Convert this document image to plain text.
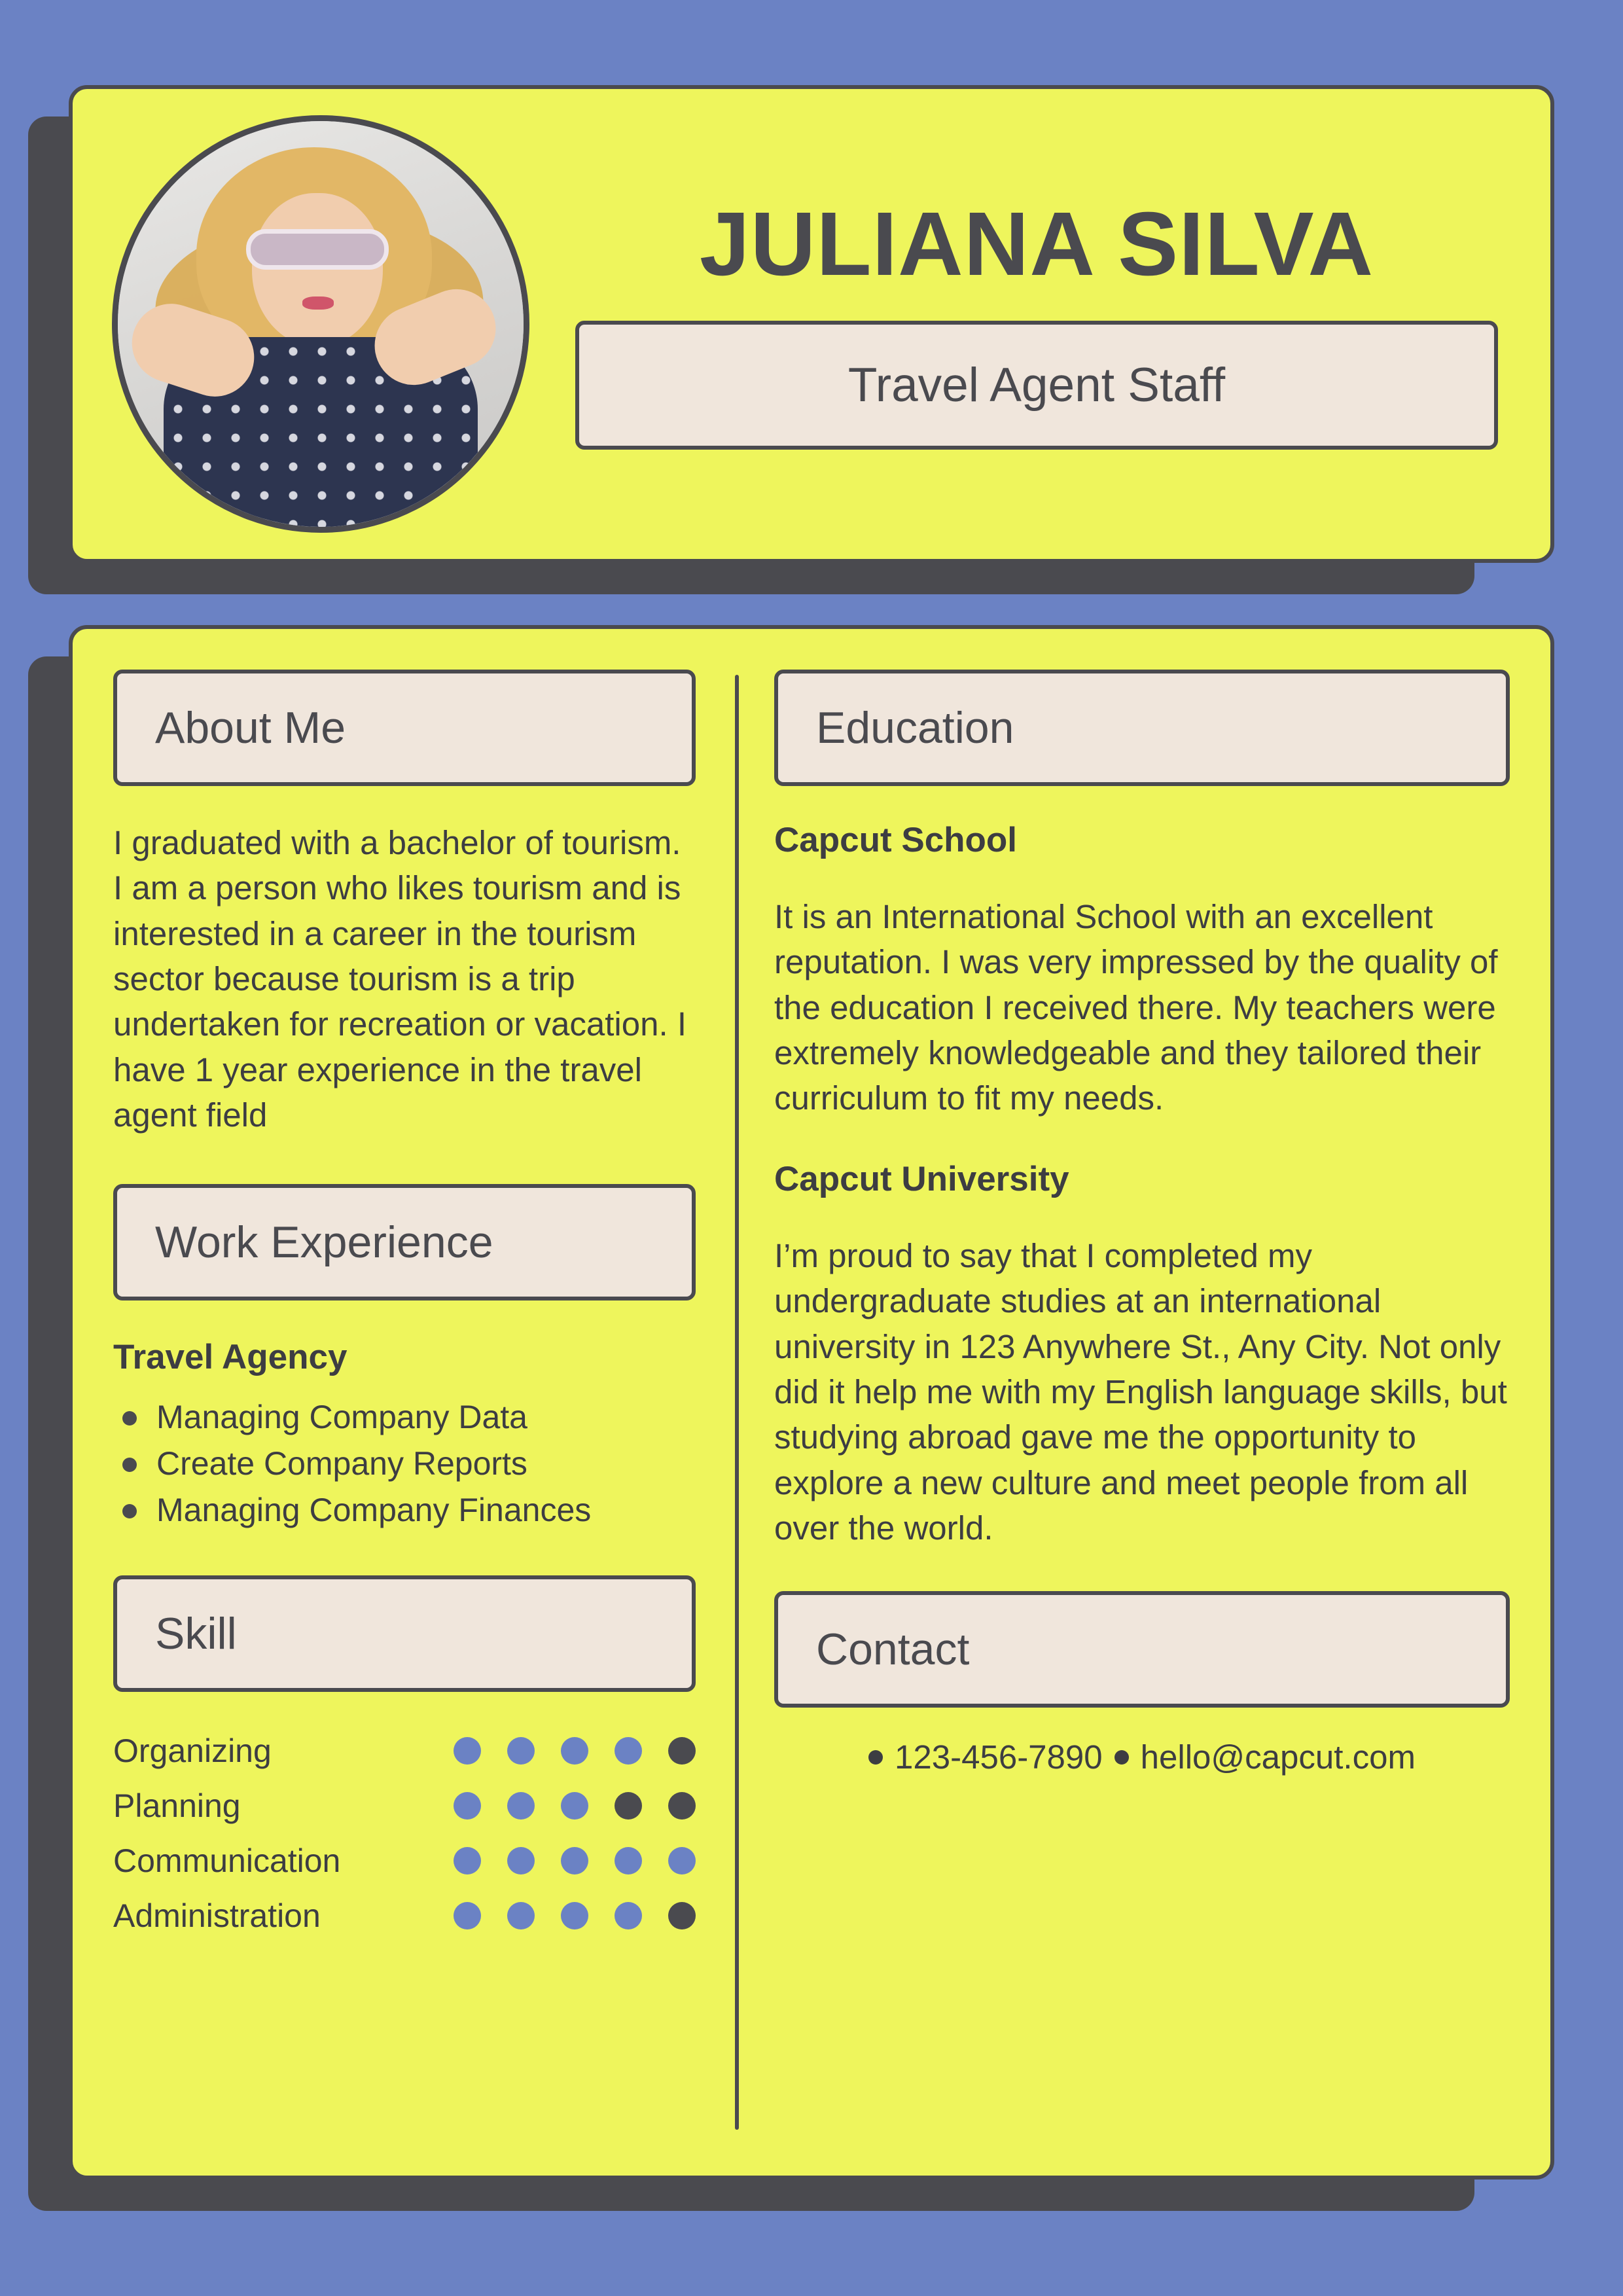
JULIANA SILVA
Travel Agent Staff
About Me

I graduated with a bachelor of tourism. I am a person who likes tourism and is interested in a career in the tourism sector because tourism is a trip undertaken for recreation or vacation. I have 1 year experience in the travel agent field

Work Experience
Travel Agency
Managing Company Data
Create Company Reports
Managing Company Finances
Skill
Organizing
Planning
Communication
Administration
Education
Capcut School

It is an International School with an excellent reputation. I was very impressed by the quality of the education I received there. My teachers were extremely knowledgeable and they tailored their curriculum to fit my needs.

Capcut University

I’m proud to say that I completed my undergraduate studies at an international university in 123 Anywhere St., Any City. Not only did it help me with my English language skills, but studying abroad gave me the opportunity to explore a new culture and meet people from all over the world.

Contact
123-456-7890 hello@capcut.com
